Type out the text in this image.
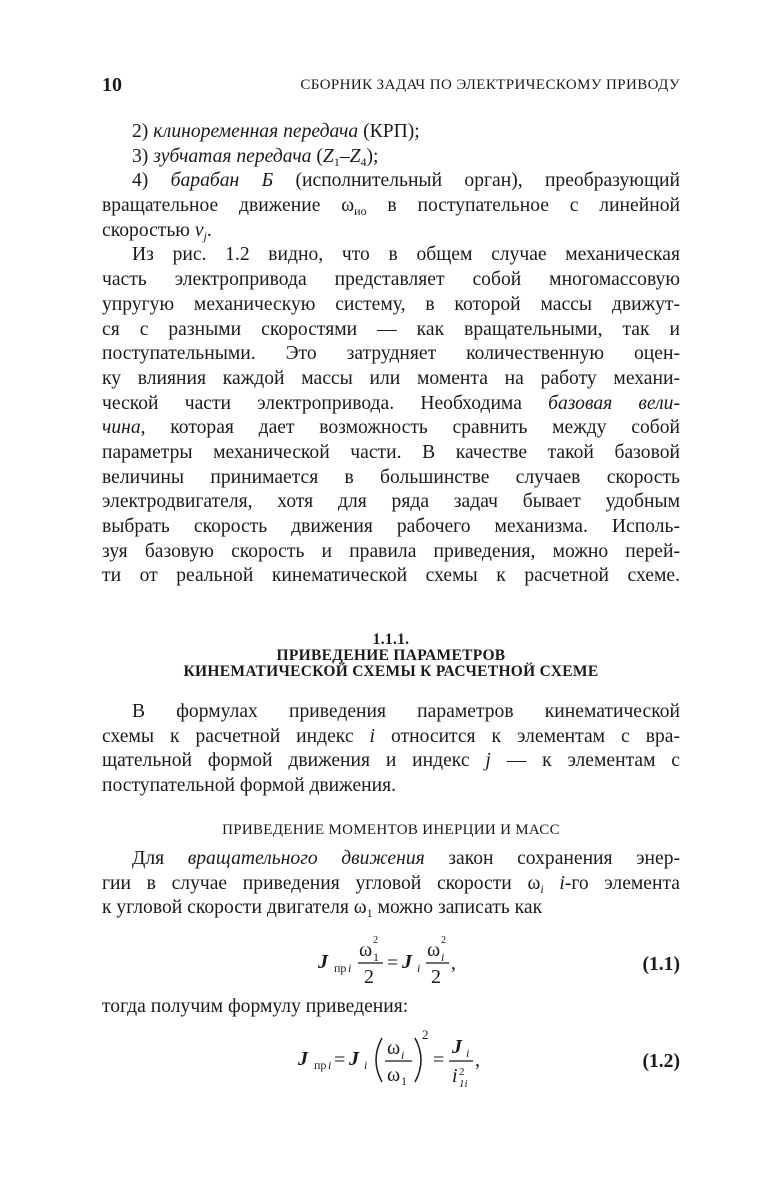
10	СБОРНИК ЗАДАЧ ПО ЭЛЕКТРИЧЕСКОМУ ПРИВОДУ
2) клиноременная передача (КРП);
3) зубчатая передача $(Z_1-Z_4)$;
4) барабан Б (исполнительный орган), преобразующий
вращательное движение $\omega_{ио}$ в поступательное с линейной
скоростью $v_j$.
Из рис. 1.2 видно, что в общем случае механическая
часть электропривода представляет собой многомассовую
упругую механическую систему, в которой массы движут-
ся с разными скоростями — как вращательными, так и
поступательными. Это затрудняет количественную оцен-
ку влияния каждой массы или момента на работу механи-
ческой части электропривода. Необходима базовая вели-
чина, которая дает возможность сравнить между собой
параметры механической части. В качестве такой базовой
величины принимается в большинстве случаев скорость
электродвигателя, хотя для ряда задач бывает удобным
выбрать скорость движения рабочего механизма. Исполь-
зуя базовую скорость и правила приведения, можно перей-
ти от реальной кинематической схемы к расчетной схеме.
1.1.1.
ПРИВЕДЕНИЕ ПАРАМЕТРОВ
КИНЕМАТИЧЕСКОЙ СХЕМЫ К РАСЧЕТНОЙ СХЕМЕ
В формулах приведения параметров кинематической
схемы к расчетной индекс i относится к элементам с вра-
щательной формой движения и индекс j — к элементам с
поступательной формой движения.
ПРИВЕДЕНИЕ МОМЕНТОВ ИНЕРЦИИ И МАСС
Для вращательного движения закон сохранения энер-
гии в случае приведения угловой скорости $\omega_i$ i-го элемента
к угловой скорости двигателя $\omega_1$ можно записать как
J пр i
ω 1
2
2
= J i
ω i
2
2
,	(1.1)
тогда получим формулу приведения:
J пр i = J i
ω i
ω 1
2
=
J i
i 2
1i
,	(1.2)
